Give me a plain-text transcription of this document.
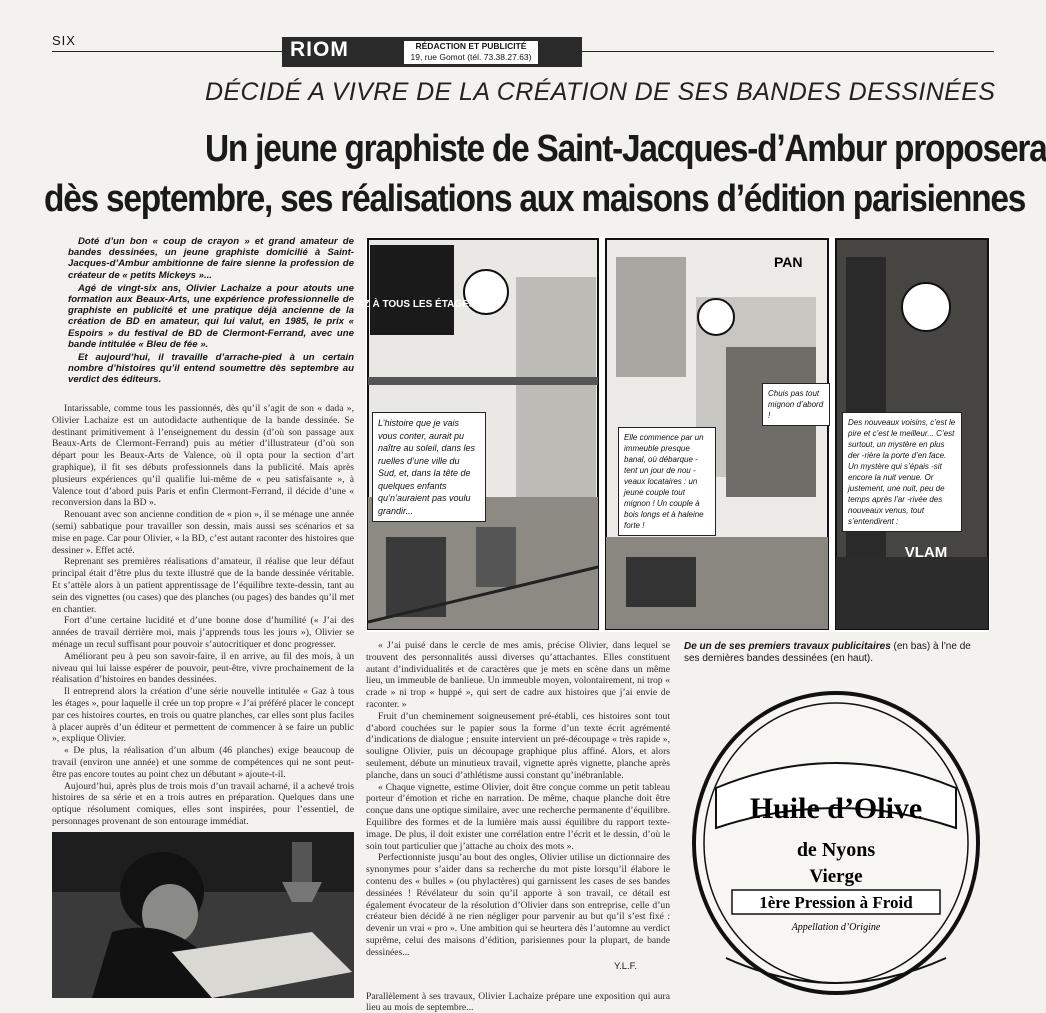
SIX	RIOM	RÉDACTION ET PUBLICITÉ
19, rue Gomot (tél. 73.38.27.63)
DÉCIDÉ A VIVRE DE LA CRÉATION DE SES BANDES DESSINÉES
Un jeune graphiste de Saint-Jacques-d’Ambur proposera
dès septembre, ses réalisations aux maisons d’édition parisiennes

Doté d’un bon « coup de crayon » et grand amateur de bandes dessinées, un jeune graphiste domicilié à Saint-Jacques-d’Ambur ambitionne de faire sienne la profession de créateur de « petits Mickeys »...

Agé de vingt-six ans, Olivier Lachaize a pour atouts une formation aux Beaux-Arts, une expérience professionnelle de graphiste en publicité et une pratique déjà ancienne de la création de BD en amateur, qui lui valut, en 1985, le prix « Espoirs » du festival de BD de Clermont-Ferrand, avec une bande intitulée « Bleu de fée ».

Et aujourd’hui, il travaille d’arrache-pied à un certain nombre d’histoires qu’il entend soumettre dès septembre au verdict des éditeurs.

Intarissable, comme tous les passionnés, dès qu’il s’agit de son « dada », Olivier Lachaize est un autodidacte authentique de la bande dessinée. Se destinant primitivement à l’enseignement du dessin (d’où son passage aux Beaux-Arts de Clermont-Ferrand) puis au métier d’illustrateur (d’où son départ pour les Beaux-Arts de Valence, où il opta pour la section d’art graphique), il fit ses débuts professionnels dans la publicité. Mais après plusieurs expériences qu’il qualifie lui-même de « peu satisfaisante », à Valence tout d’abord puis Paris et enfin Clermont-Ferrand, il décide d’une « reconversion dans la BD ».

Renouant avec son ancienne condition de « pion », il se ménage une année (semi) sabbatique pour travailler son dessin, mais aussi ses scénarios et sa mise en page. Car pour Olivier, « la BD, c’est autant raconter des histoires que dessiner ». Effet acté.

Reprenant ses premières réalisations d’amateur, il réalise que leur défaut principal était d’être plus du texte illustré que de la bande dessinée véritable. Et s’attèle alors à un patient apprentissage de l’équilibre texte-dessin, tant au sein des vignettes (ou cases) que des planches (ou pages) des bandes qu’il met en chantier.

Fort d’une certaine lucidité et d’une bonne dose d’humilité (« J’ai des années de travail derrière moi, mais j’apprends tous les jours »), Olivier se ménage un recul suffisant pour pouvoir s’autocritiquer et donc progresser.

Améliorant peu à peu son savoir-faire, il en arrive, au fil des mois, à un niveau qui lui laisse espérer de pouvoir, peut-être, vivre prochainement de la réalisation d’histoires en bandes dessinées.

Il entreprend alors la création d’une série nouvelle intitulée « Gaz à tous les étages », pour laquelle il crée un top propre « J’ai préféré placer le concept par ces histoires courtes, en trois ou quatre planches, car elles sont plus faciles à placer auprès d’un éditeur et permettent de commencer à se faire un public », explique Olivier.

« De plus, la réalisation d’un album (46 planches) exige beaucoup de travail (environ une année) et une somme de compétences qui ne sont peut-être pas encore toutes au point chez un débutant » ajoute-t-il.

Aujourd’hui, après plus de trois mois d’un travail acharné, il a achevé trois histoires de sa série et en a trois autres en préparation. Quelques dans une optique résolument comiques, elles sont inspirées, pour l’essentiel, de personnages provenant de son entourage immédiat.

GAZ À TOUS LES ÉTAGES
PAN
VLAM
L’histoire que je vais vous conter, aurait pu naître au soleil, dans les ruelles d’une ville du Sud, et, dans la tête de quelques enfants qu’n’auraient pas voulu grandir...
Elle commence par un immeuble presque banal, où débarque -tent un jour de nou -veaux locataires : un jeune couple tout mignon ! Un couple à bois longs et à haleine forte !
Chuis pas tout mignon d’abord !
Des nouveaux voisins, c’est le pire et c’est le meilleur... C’est surtout, un mystère en plus der -rière la porte d’en face. Un mystère qui s’épais -sit encore la nuit venue. Or justement, une nuit, peu de temps après l’ar -rivée des nouveaux venus, tout s’entendirent :

« J’ai puisé dans le cercle de mes amis, précise Olivier, dans lequel se trouvent des personnalités aussi diverses qu’attachantes. Elles constituent autant d’individualités et de caractères que je mets en scène dans un même lieu, un immeuble de banlieue. Un immeuble moyen, volontairement, ni trop « crade » ni trop « huppé », qui sert de cadre aux histoires que j’ai envie de raconter. »

Fruit d’un cheminement soigneusement pré-établi, ces histoires sont tout d’abord couchées sur le papier sous la forme d’un texte écrit agrémenté d’indications de dialogue ; ensuite intervient un pré-découpage « très rapide », souligne Olivier, puis un découpage graphique plus affiné. Alors, et alors seulement, débute un minutieux travail, vignette après vignette, planche après planche, dans un souci d’athlétisme aussi constant qu’inébranlable.

« Chaque vignette, estime Olivier, doit être conçue comme un petit tableau porteur d’émotion et riche en narration. De même, chaque planche doit être conçue dans une optique similaire, avec une recherche permanente d’équilibre. Equilibre des formes et de la lumière mais aussi équilibre du rapport texte-image. De plus, il doit exister une corrélation entre l’écrit et le dessin, d’où le soin tout particulier que j’attache au choix des mots ».

Perfectionniste jusqu’au bout des ongles, Olivier utilise un dictionnaire des synonymes pour s’aider dans sa recherche du mot piste lorsqu’il élabore le contenu des « bulles » (ou phylactères) qui garnissent les cases de ses bandes dessinées ! Révélateur du soin qu’il apporte à son travail, ce détail est également évocateur de la résolution d’Olivier dans son entreprise, celle d’un créateur bien décidé à ne rien négliger pour parvenir au but qu’il s’est fixé : devenir un vrai « pro ». Une ambition qui se heurtera dès l’automne au verdict suprême, celui des maisons d’édition, parisiennes pour la plupart, de bande dessinées...

Y.L.F.
Parallèlement à ses travaux, Olivier Lachaize prépare une exposition qui aura lieu au mois de septembre...
De un de ses premiers travaux publicitaires (en bas) à l’ne de ses dernières bandes dessinées (en haut).
Huile d’Olive
de Nyons
Vierge
1ère Pression à Froid
Appellation d’Origine
